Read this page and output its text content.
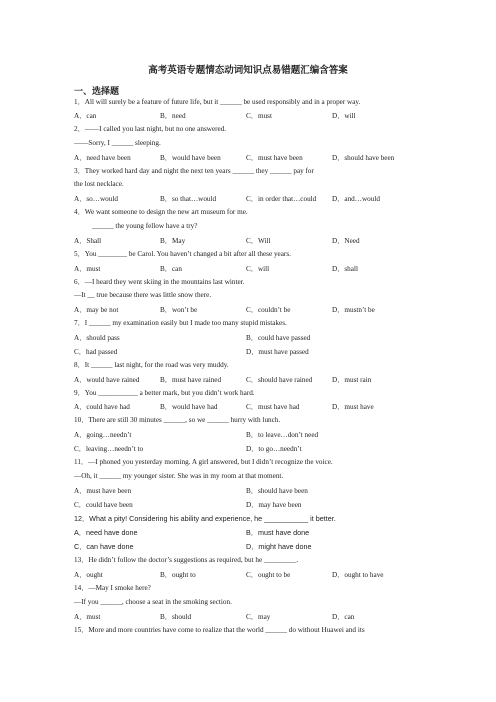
高考英语专题情态动词知识点易错题汇编含答案
一、选择题
1．All will surely be a feature of future life, but it ______ be used responsibly and in a proper way.
A．can	B．need	C．must	D．will
2．——I called you last night, but no one answered.
——Sorry, I ______ sleeping.
A．need have been	B．would have been	C．must have been	D．should have been
3．They worked hard day and night the next ten years ______ they ______ pay for
the lost necklace.
A．so…would	B．so that…would	C．in order that…could D．and…would
4．We want someone to design the new art museum for me.
______ the young fellow have a try?
A．Shall	B．May	C．Will	D．Need
5．You ________ be Carol. You haven’t changed a bit after all these years.
A．must	B．can	C．will	D．shall
6．—I heard they went skiing in the mountains last winter.
—It __ true because there was little snow there.
A．may be not	B．won’t be	C．couldn’t be	D．mustn’t be
7．I ______ my examination easily but I made too many stupid mistakes.
A．should pass	B．could have passed
C．had passed	D．must have passed
8．It ______ last night, for the road was very muddy.
A．would have rained	B．must have rained	C．should have rained	D．must rain
9．You ___________ a better mark, but you didn’t work hard.
A．could have had	B．would have had	C．must have had	D．must have
10．There are still 30 minutes ______, so we ______ hurry with lunch.
A．going…needn’t	B．to leave…don’t need
C．leaving…needn’t to	D．to go…needn’t
11．—I phoned you yesterday morning. A girl answered, but I didn’t recognize the voice.
—Oh, it ______ my younger sister. She was in my room at that moment.
A．must have been	B．should have been
C．could have been	D．may have been
12．What a pity! Considering his ability and experience, he ___________ it better.
A．need have done	B．must have done
C．can have done	D．might have done
13．He didn’t follow the doctor’s suggestions as required, but he _________.
A．ought	B．ought to	C．ought to be	D．ought to have
14．—May I smoke here?
—If you ______, choose a seat in the smoking section.
A．must	B．should	C．may	D．can
15．More and more countries have come to realize that the world ______ do without Huawei and its
